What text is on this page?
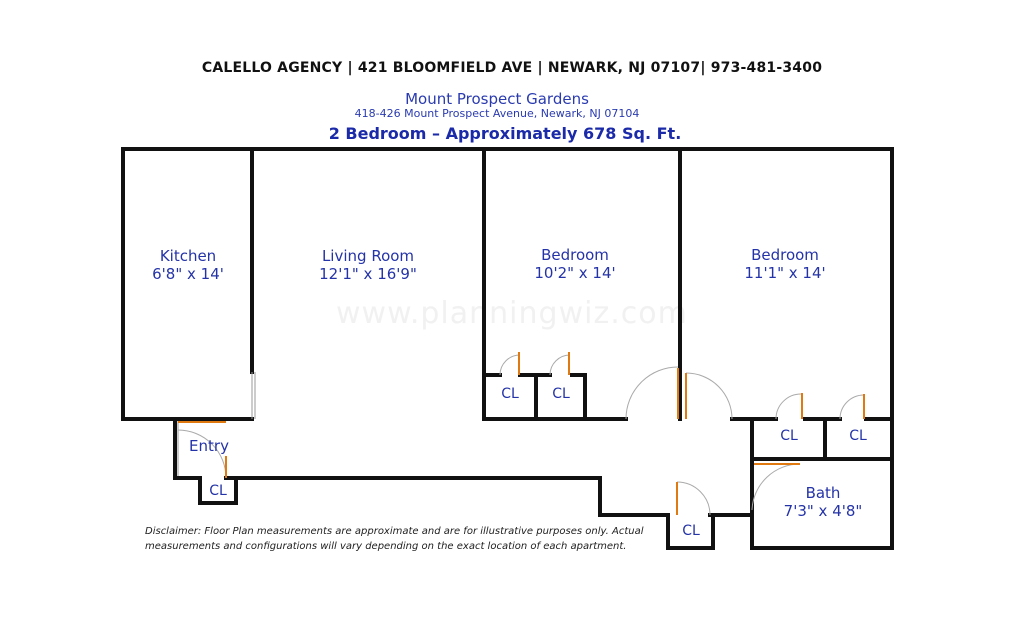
CALELLO AGENCY | 421 BLOOMFIELD AVE | NEWARK, NJ 07107| 973-481-3400
Mount Prospect Gardens
418-426 Mount Prospect Avenue, Newark, NJ 07104
2 Bedroom – Approximately 678 Sq. Ft.
www.planningwiz.com
Kitchen
6'8" x 14'
Living Room
12'1" x 16'9"
Bedroom
10'2" x 14'
Bedroom
11'1" x 14'
Entry
Bath
7'3" x 4'8"
CL	CL
CL	CL
CL
CL
Disclaimer: Floor Plan measurements are approximate and are for illustrative purposes only. Actual measurements and configurations will vary depending on the exact location of each apartment.
